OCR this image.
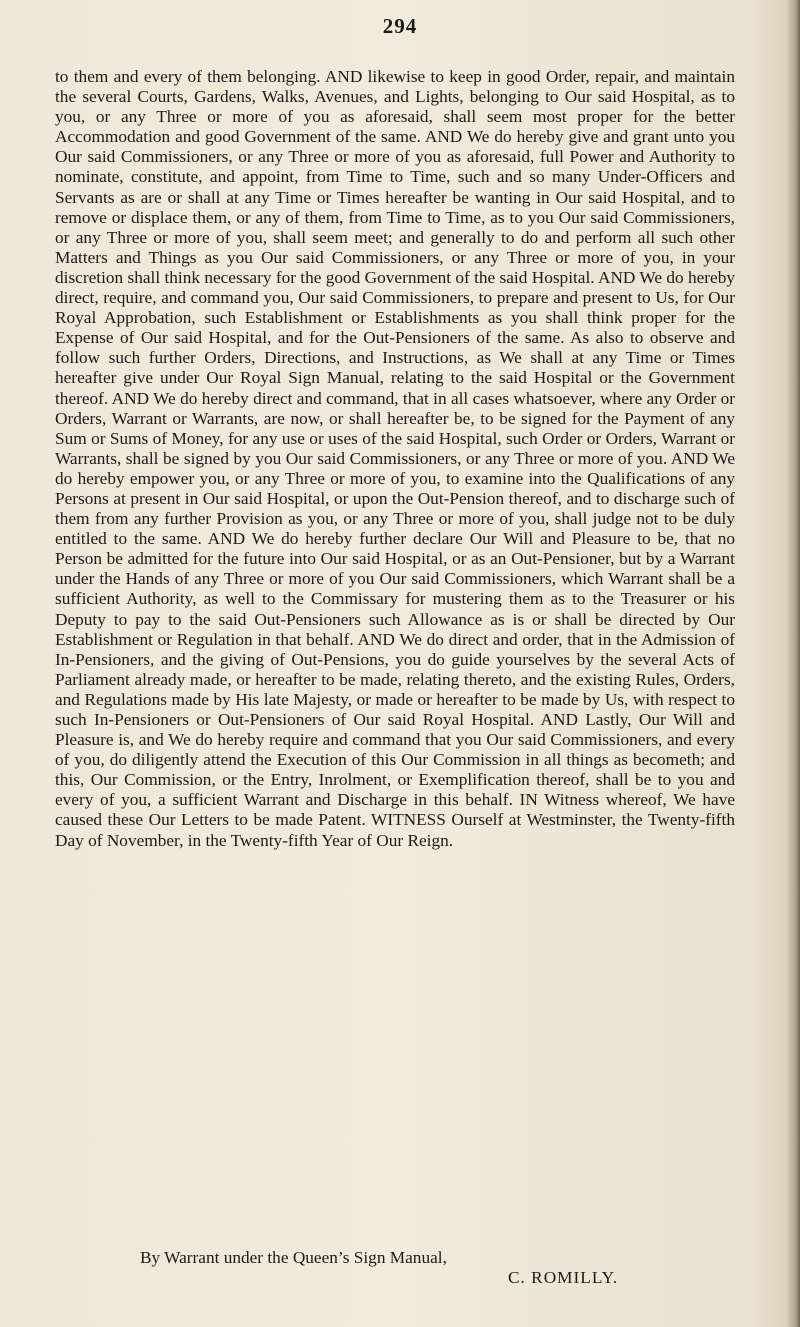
294

to them and every of them belonging. AND likewise to keep in good Order, repair, and maintain the several Courts, Gardens, Walks, Avenues, and Lights, belonging to Our said Hospital, as to you, or any Three or more of you as aforesaid, shall seem most proper for the better Accommodation and good Government of the same. AND We do hereby give and grant unto you Our said Commissioners, or any Three or more of you as aforesaid, full Power and Authority to nominate, constitute, and appoint, from Time to Time, such and so many Under-Officers and Servants as are or shall at any Time or Times hereafter be wanting in Our said Hospital, and to remove or displace them, or any of them, from Time to Time, as to you Our said Commissioners, or any Three or more of you, shall seem meet; and generally to do and perform all such other Matters and Things as you Our said Commissioners, or any Three or more of you, in your discretion shall think necessary for the good Government of the said Hospital. AND We do hereby direct, require, and command you, Our said Commissioners, to prepare and present to Us, for Our Royal Approbation, such Establishment or Establishments as you shall think proper for the Expense of Our said Hospital, and for the Out-Pensioners of the same. As also to observe and follow such further Orders, Directions, and Instructions, as We shall at any Time or Times hereafter give under Our Royal Sign Manual, relating to the said Hospital or the Government thereof. AND We do hereby direct and command, that in all cases whatsoever, where any Order or Orders, Warrant or Warrants, are now, or shall hereafter be, to be signed for the Payment of any Sum or Sums of Money, for any use or uses of the said Hospital, such Order or Orders, Warrant or Warrants, shall be signed by you Our said Commissioners, or any Three or more of you. AND We do hereby empower you, or any Three or more of you, to examine into the Qualifications of any Persons at present in Our said Hospital, or upon the Out-Pension thereof, and to discharge such of them from any further Provision as you, or any Three or more of you, shall judge not to be duly entitled to the same. AND We do hereby further declare Our Will and Pleasure to be, that no Person be admitted for the future into Our said Hospital, or as an Out-Pensioner, but by a Warrant under the Hands of any Three or more of you Our said Commissioners, which Warrant shall be a sufficient Authority, as well to the Commissary for mustering them as to the Treasurer or his Deputy to pay to the said Out-Pensioners such Allowance as is or shall be directed by Our Establishment or Regulation in that behalf. AND We do direct and order, that in the Admission of In-Pensioners, and the giving of Out-Pensions, you do guide yourselves by the several Acts of Parliament already made, or hereafter to be made, relating thereto, and the existing Rules, Orders, and Regulations made by His late Majesty, or made or hereafter to be made by Us, with respect to such In-Pensioners or Out-Pensioners of Our said Royal Hospital. AND Lastly, Our Will and Pleasure is, and We do hereby require and command that you Our said Commissioners, and every of you, do diligently attend the Execution of this Our Commission in all things as becometh; and this, Our Commission, or the Entry, Inrolment, or Exemplification thereof, shall be to you and every of you, a sufficient Warrant and Discharge in this behalf. IN Witness whereof, We have caused these Our Letters to be made Patent. WITNESS Ourself at Westminster, the Twenty-fifth Day of November, in the Twenty-fifth Year of Our Reign.

By Warrant under the Queen’s Sign Manual,
C. ROMILLY.
